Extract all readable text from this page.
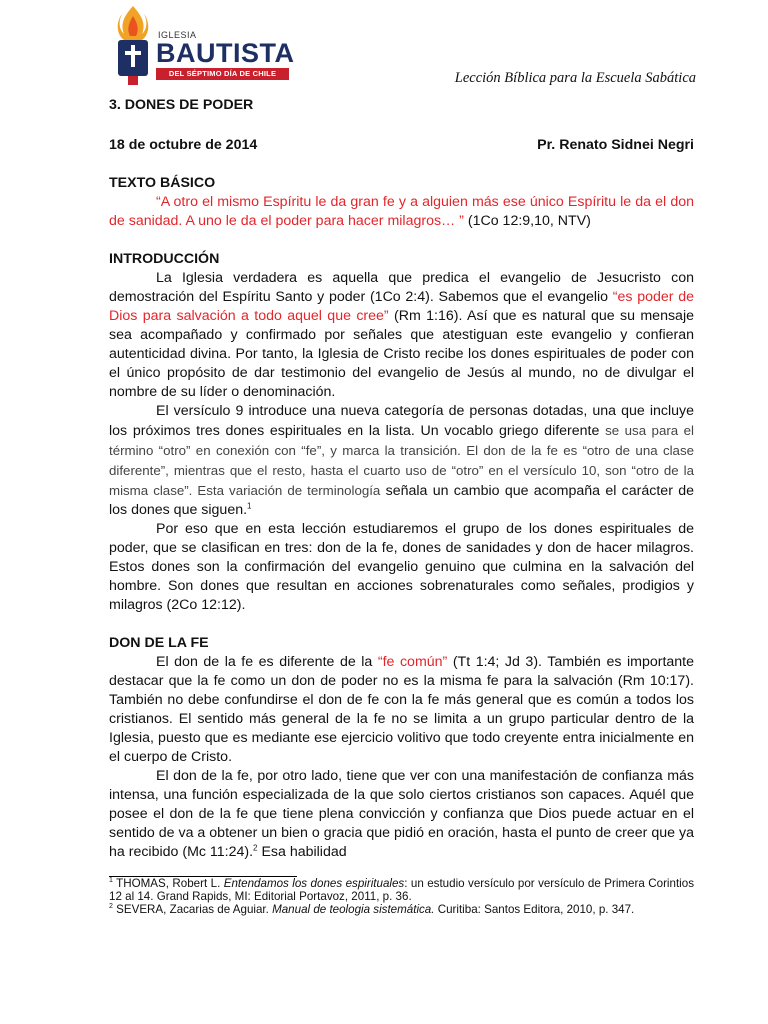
IGLESIA
BAUTISTA
DEL SÉPTIMO DÍA DE CHILE	Lección Bíblica para la Escuela Sabática

3. DONES DE PODER

18 de octubre de 2014	Pr. Renato Sidnei Negri

TEXTO BÁSICO

“A otro el mismo Espíritu le da gran fe y a alguien más ese único Espíritu le da el don de sanidad. A uno le da el poder para hacer milagros… ” (1Co 12:9,10, NTV)

INTRODUCCIÓN

La Iglesia verdadera es aquella que predica el evangelio de Jesucristo con demostración del Espíritu Santo y poder (1Co 2:4). Sabemos que el evangelio “es poder de Dios para salvación a todo aquel que cree” (Rm 1:16). Así que es natural que su mensaje sea acompañado y confirmado por señales que atestiguan este evangelio y confieran autenticidad divina. Por tanto, la Iglesia de Cristo recibe los dones espirituales de poder con el único propósito de dar testimonio del evangelio de Jesús al mundo, no de divulgar el nombre de su líder o denominación.

El versículo 9 introduce una nueva categoría de personas dotadas, una que incluye los próximos tres dones espirituales en la lista. Un vocablo griego diferente se usa para el término “otro” en conexión con “fe”, y marca la transición. El don de la fe es “otro de una clase diferente”, mientras que el resto, hasta el cuarto uso de “otro” en el versículo 10, son “otro de la misma clase”. Esta variación de terminología señala un cambio que acompaña el carácter de los dones que siguen.$^1$

Por eso que en esta lección estudiaremos el grupo de los dones espirituales de poder, que se clasifican en tres: don de la fe, dones de sanidades y don de hacer milagros. Estos dones son la confirmación del evangelio genuino que culmina en la salvación del hombre. Son dones que resultan en acciones sobrenaturales como señales, prodigios y milagros (2Co 12:12).

DON DE LA FE

El don de la fe es diferente de la “fe común” (Tt 1:4; Jd 3). También es importante destacar que la fe como un don de poder no es la misma fe para la salvación (Rm 10:17). También no debe confundirse el don de fe con la fe más general que es común a todos los cristianos. El sentido más general de la fe no se limita a un grupo particular dentro de la Iglesia, puesto que es mediante ese ejercicio volitivo que todo creyente entra inicialmente en el cuerpo de Cristo.

El don de la fe, por otro lado, tiene que ver con una manifestación de confianza más intensa, una función especializada de la que solo ciertos cristianos son capaces. Aquél que posee el don de la fe que tiene plena convicción y confianza que Dios puede actuar en el sentido de va a obtener un bien o gracia que pidió en oración, hasta el punto de creer que ya ha recibido (Mc 11:24).$^2$ Esa habilidad

$^1$ THOMAS, Robert L. Entendamos los dones espirituales: un estudio versículo por versículo de Primera Corintios 12 al 14. Grand Rapids, MI: Editorial Portavoz, 2011, p. 36.

$^2$ SEVERA, Zacarias de Aguiar. Manual de teologia sistemática. Curitiba: Santos Editora, 2010, p. 347.
